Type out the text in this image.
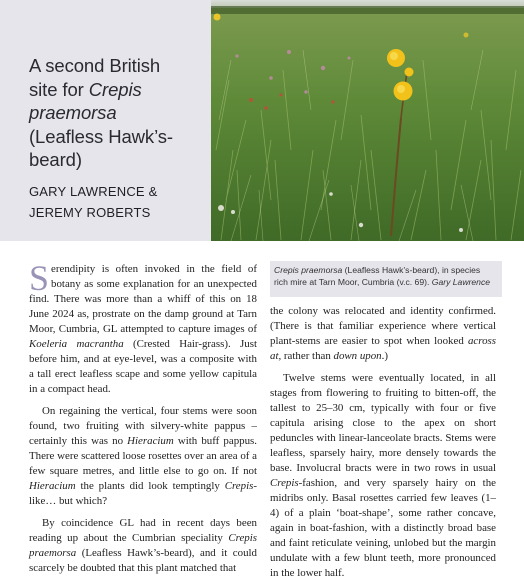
A second British
site for Crepis
praemorsa
(Leafless Hawk’s-
beard)
GARY LAWRENCE &
JEREMY ROBERTS

Serendipity is often invoked in the field of botany as some explanation for an unexpected find. There was more than a whiff of this on 18 June 2024 as, prostrate on the damp ground at Tarn Moor, Cumbria, GL attempted to capture images of Koeleria macrantha (Crested Hair-grass). Just before him, and at eye-level, was a composite with a tall erect leafless scape and some yellow capitula in a compact head.

On regaining the vertical, four stems were soon found, two fruiting with silvery-white pappus – certainly this was no Hieracium with buff pappus. There were scattered loose rosettes over an area of a few square metres, and little else to go on. If not Hieracium the plants did look temptingly Crepis-like… but which?

By coincidence GL had in recent days been reading up about the Cumbrian speciality Crepis praemorsa (Leafless Hawk’s-beard), and it could scarcely be doubted that this plant matched that

Crepis praemorsa (Leafless Hawk’s-beard), in species rich mire at Tarn Moor, Cumbria (v.c. 69). Gary Lawrence

the colony was relocated and identity confirmed. (There is that familiar experience where vertical plant-stems are easier to spot when looked across at, rather than down upon.)

Twelve stems were eventually located, in all stages from flowering to fruiting to bitten-off, the tallest to 25–30 cm, typically with four or five capitula arising close to the apex on short peduncles with linear-lanceolate bracts. Stems were leafless, sparsely hairy, more densely towards the base. Involucral bracts were in two rows in usual Crepis-fashion, and very sparsely hairy on the midribs only. Basal rosettes carried few leaves (1–4) of a plain ‘boat-shape’, some rather concave, again in boat-fashion, with a distinctly broad base and faint reticulate veining, unlobed but the margin undulate with a few blunt teeth, more pronounced in the lower half.
